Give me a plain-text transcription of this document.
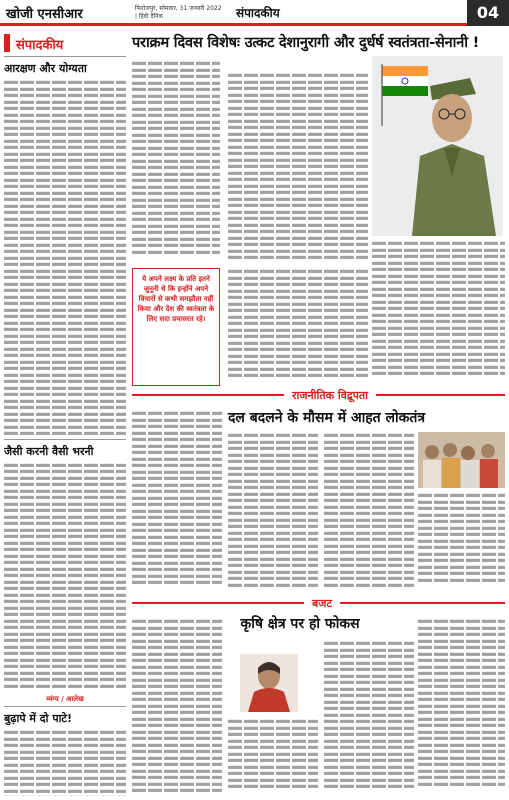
खोजी एनसीआर	फिरोजपुर, सोमवार, 31 जनवरी 2022 | हिंदी दैनिक	संपादकीय	04
संपादकीय
आरक्षण और योग्यता
जैसी करनी वैसी भरनी
व्यंग्य / आलेख
बुढ़ापे में दो पाटे!
पराक्रम दिवस विशेषः उत्कट देशानुरागी और दुर्धर्ष स्वतंत्रता-सेनानी !
ये अपने लक्ष्य के प्रति इतने जुनूनी थे कि इन्होंने अपने विचारों से कभी समझौता नहीं किया और देश की स्वतंत्रता के लिए सदा प्रयासरत रहे।
राजनीतिक विद्रूपता
दल बदलने के मौसम में आहत लोकतंत्र
बजट
कृषि क्षेत्र पर हो फोकस
